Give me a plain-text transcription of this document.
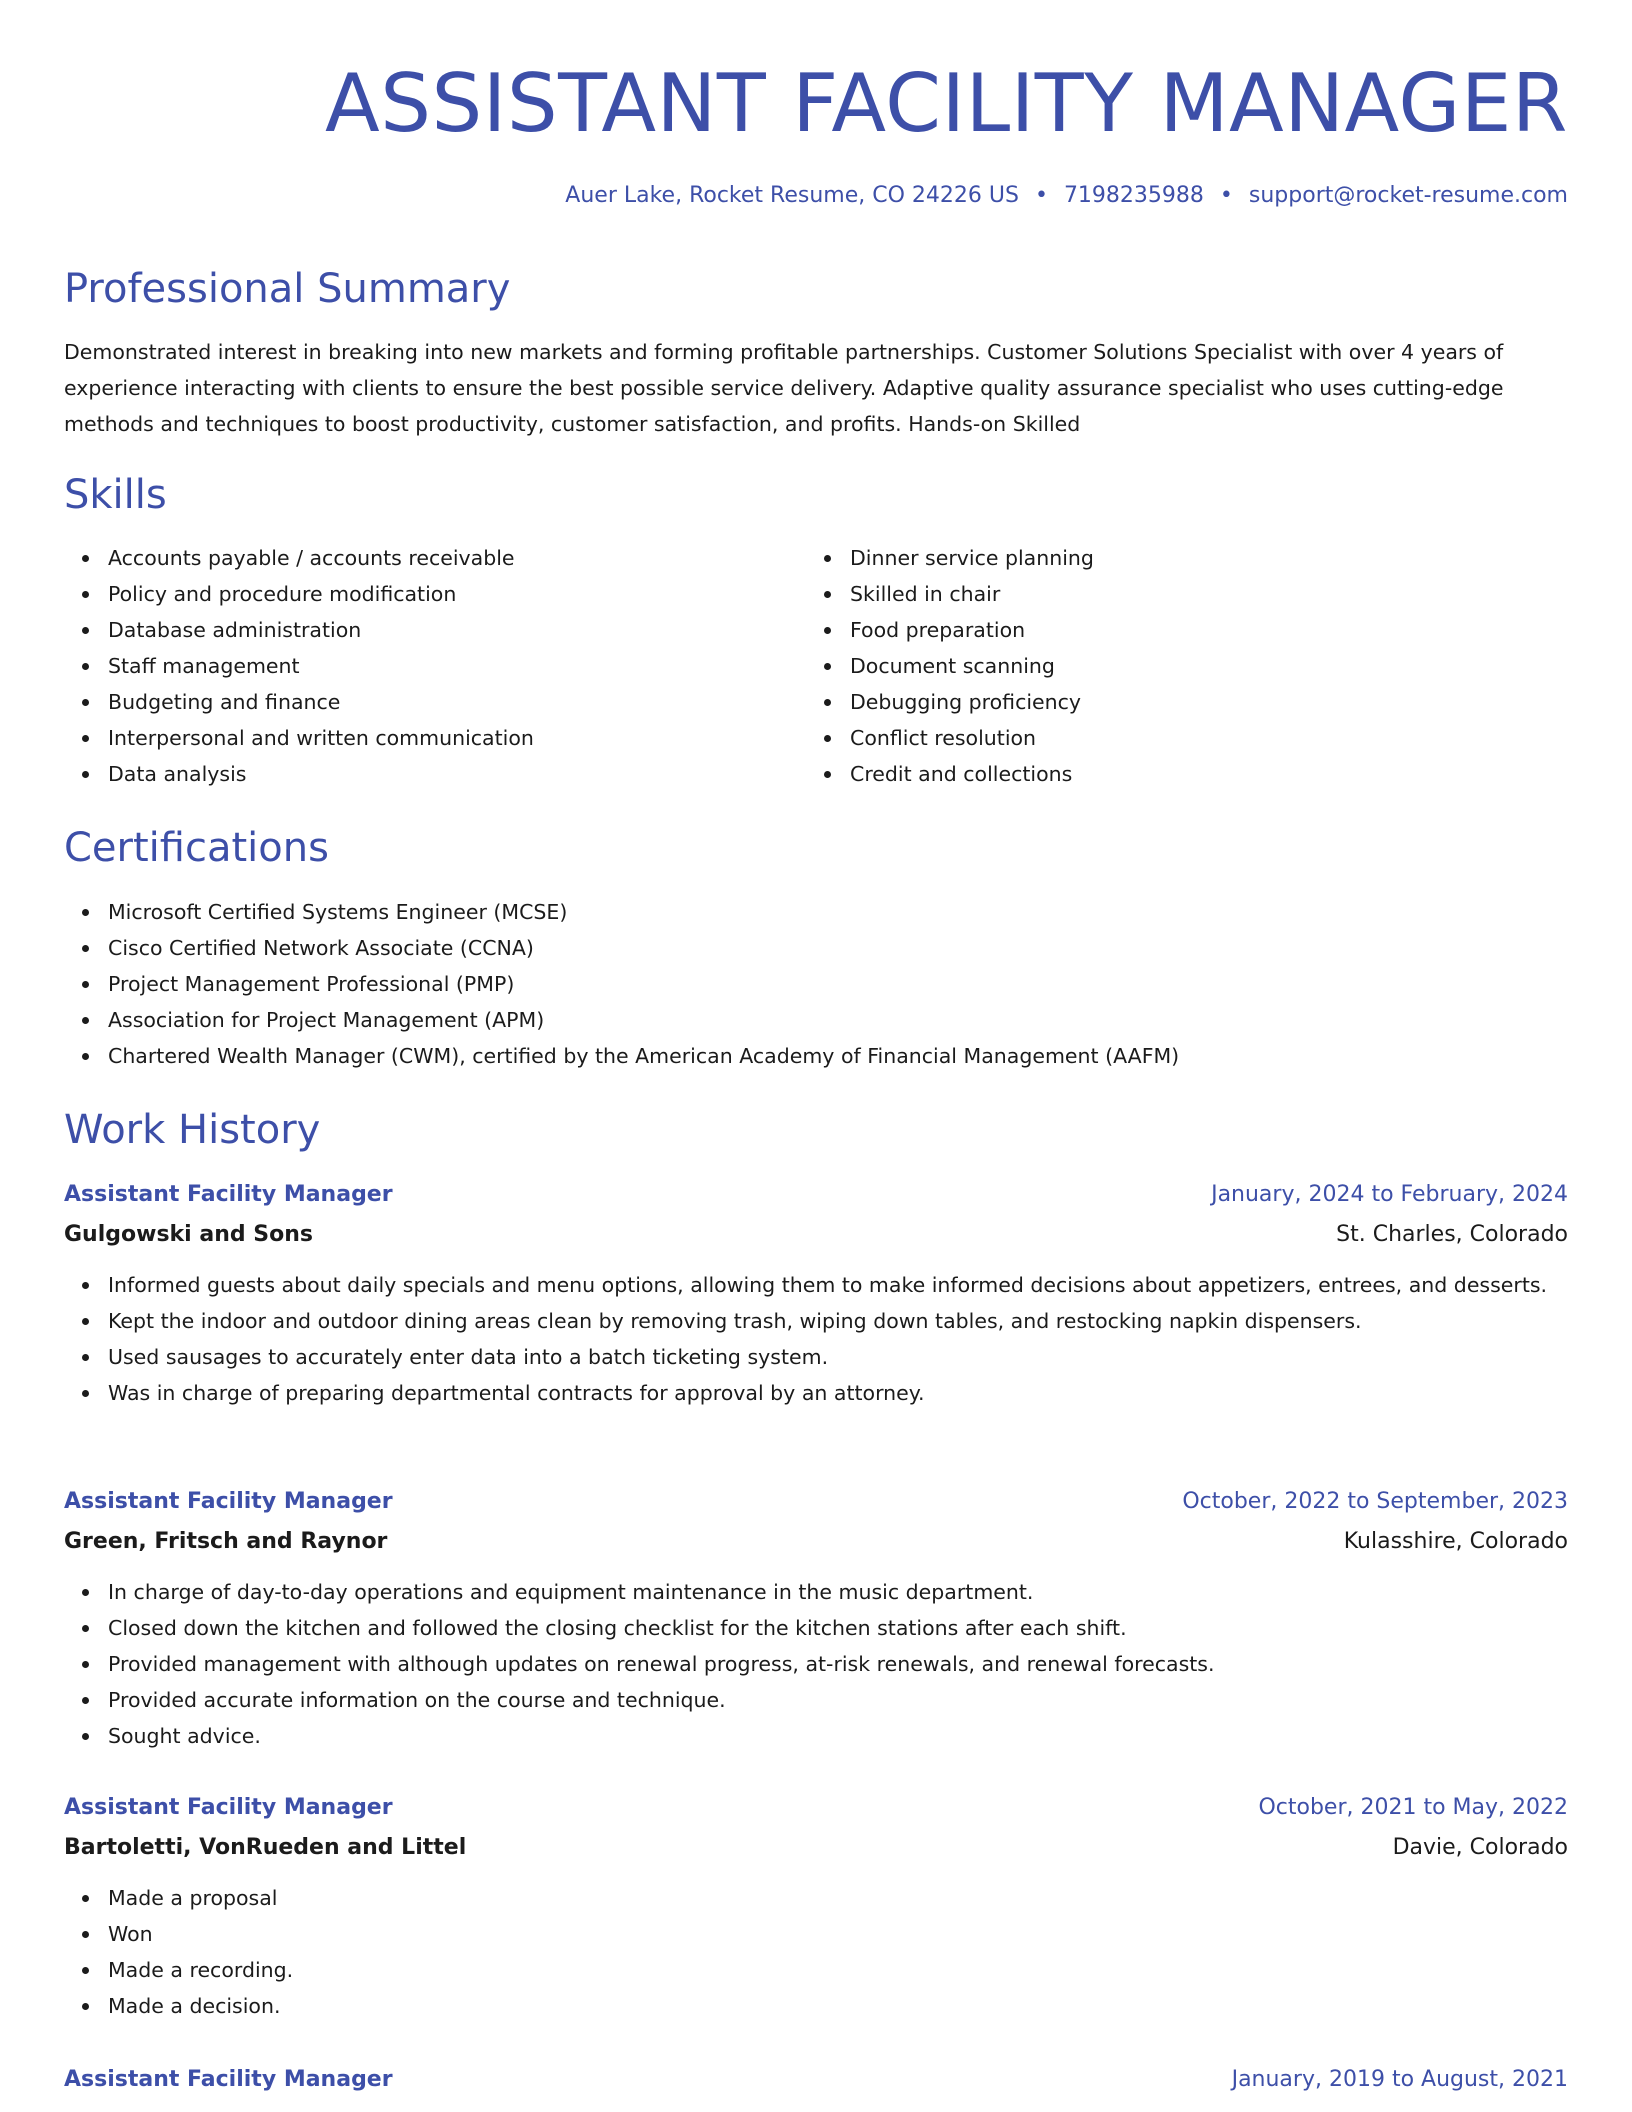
ASSISTANT FACILITY MANAGER
Auer Lake, Rocket Resume, CO 24226 US • 7198235988 • support@rocket-resume.com
Professional Summary

Demonstrated interest in breaking into new markets and forming profitable partnerships. Customer Solutions Specialist with over 4 years of experience interacting with clients to ensure the best possible service delivery. Adaptive quality assurance specialist who uses cutting-edge methods and techniques to boost productivity, customer satisfaction, and profits. Hands-on Skilled

Skills
Accounts payable / accounts receivable
Policy and procedure modification
Database administration
Staff management
Budgeting and finance
Interpersonal and written communication
Data analysis
Dinner service planning
Skilled in chair
Food preparation
Document scanning
Debugging proficiency
Conflict resolution
Credit and collections
Certifications
Microsoft Certified Systems Engineer (MCSE)
Cisco Certified Network Associate (CCNA)
Project Management Professional (PMP)
Association for Project Management (APM)
Chartered Wealth Manager (CWM), certified by the American Academy of Financial Management (AAFM)
Work History
Assistant Facility Manager	January, 2024 to February, 2024
Gulgowski and Sons	St. Charles, Colorado
Informed guests about daily specials and menu options, allowing them to make informed decisions about appetizers, entrees, and desserts.
Kept the indoor and outdoor dining areas clean by removing trash, wiping down tables, and restocking napkin dispensers.
Used sausages to accurately enter data into a batch ticketing system.
Was in charge of preparing departmental contracts for approval by an attorney.
Assistant Facility Manager	October, 2022 to September, 2023
Green, Fritsch and Raynor	Kulasshire, Colorado
In charge of day-to-day operations and equipment maintenance in the music department.
Closed down the kitchen and followed the closing checklist for the kitchen stations after each shift.
Provided management with although updates on renewal progress, at-risk renewals, and renewal forecasts.
Provided accurate information on the course and technique.
Sought advice.
Assistant Facility Manager	October, 2021 to May, 2022
Bartoletti, VonRueden and Littel	Davie, Colorado
Made a proposal
Won
Made a recording.
Made a decision.
Assistant Facility Manager	January, 2019 to August, 2021
